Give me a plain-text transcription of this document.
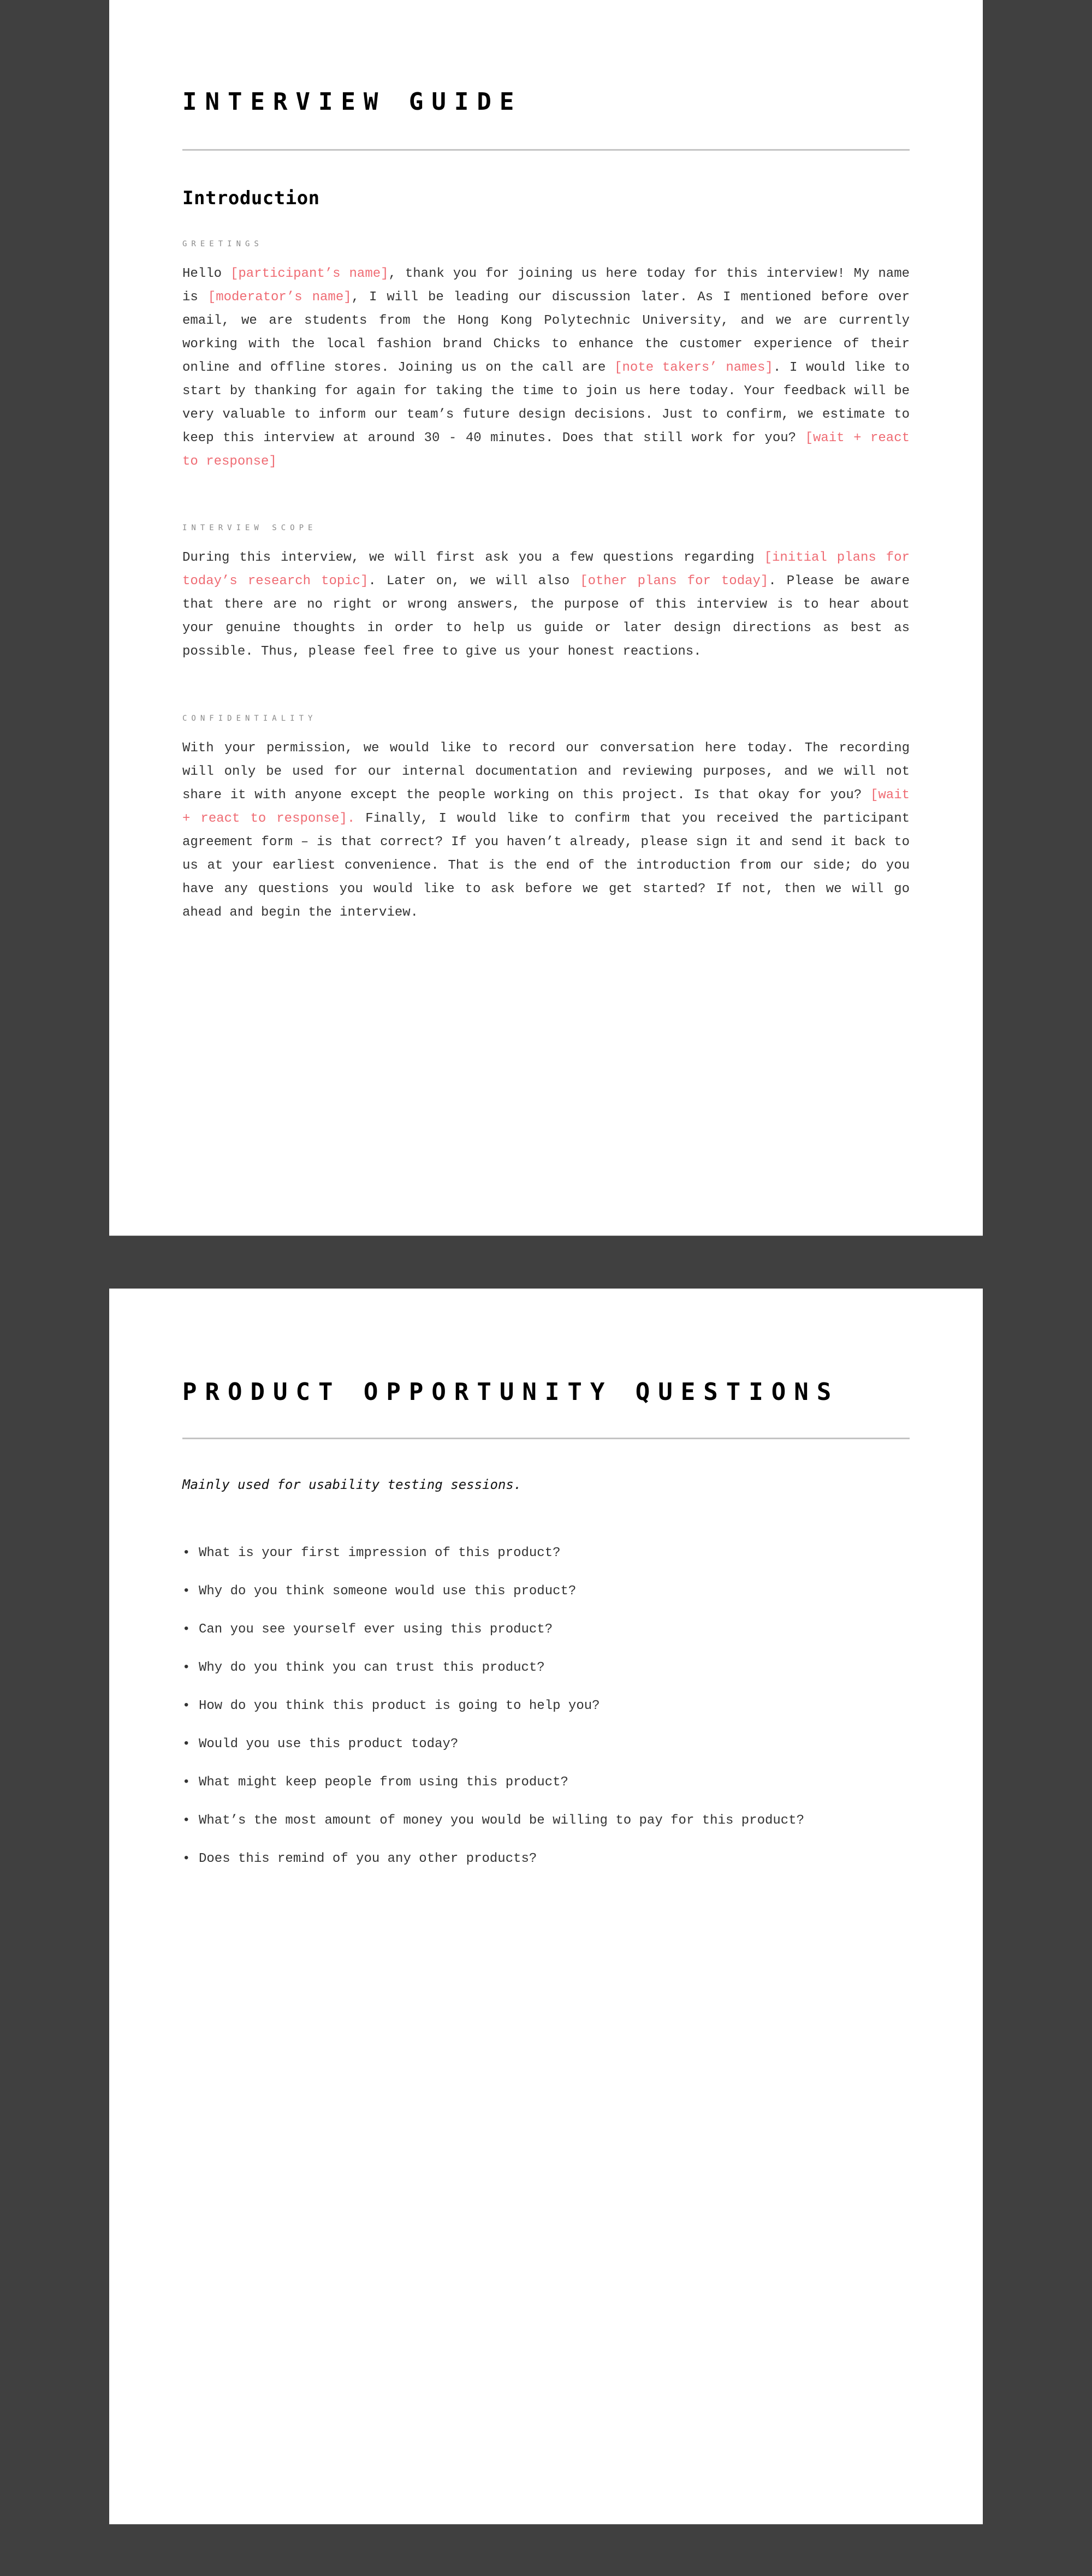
INTERVIEW GUIDE
Introduction

GREETINGS

Hello [participant’s name], thank you for joining us here today for this interview! My name is [moderator’s name], I will be leading our discussion later. As I mentioned before over email, we are students from the Hong Kong Polytechnic University, and we are currently working with the local fashion brand Chicks to enhance the customer experience of their online and offline stores. Joining us on the call are [note takers’ names]. I would like to start by thanking for again for taking the time to join us here today. Your feedback will be very valuable to inform our team’s future design decisions. Just to confirm, we estimate to keep this interview at around 30 - 40 minutes. Does that still work for you? [wait + react to response]

INTERVIEW SCOPE

During this interview, we will first ask you a few questions regarding [initial plans for today’s research topic]. Later on, we will also [other plans for today]. Please be aware that there are no right or wrong answers, the purpose of this interview is to hear about your genuine thoughts in order to help us guide or later design directions as best as possible. Thus, please feel free to give us your honest reactions.

CONFIDENTIALITY

With your permission, we would like to record our conversation here today. The recording will only be used for our internal documentation and reviewing purposes, and we will not share it with anyone except the people working on this project. Is that okay for you? [wait + react to response]. Finally, I would like to confirm that you received the participant agreement form – is that correct? If you haven’t already, please sign it and send it back to us at your earliest convenience. That is the end of the introduction from our side; do you have any questions you would like to ask before we get started? If not, then we will go ahead and begin the interview.

PRODUCT OPPORTUNITY QUESTIONS

Mainly used for usability testing sessions.

• What is your first impression of this product?
• Why do you think someone would use this product?
• Can you see yourself ever using this product?
• Why do you think you can trust this product?
• How do you think this product is going to help you?
• Would you use this product today?
• What might keep people from using this product?
• What’s the most amount of money you would be willing to pay for this product?
• Does this remind of you any other products?
